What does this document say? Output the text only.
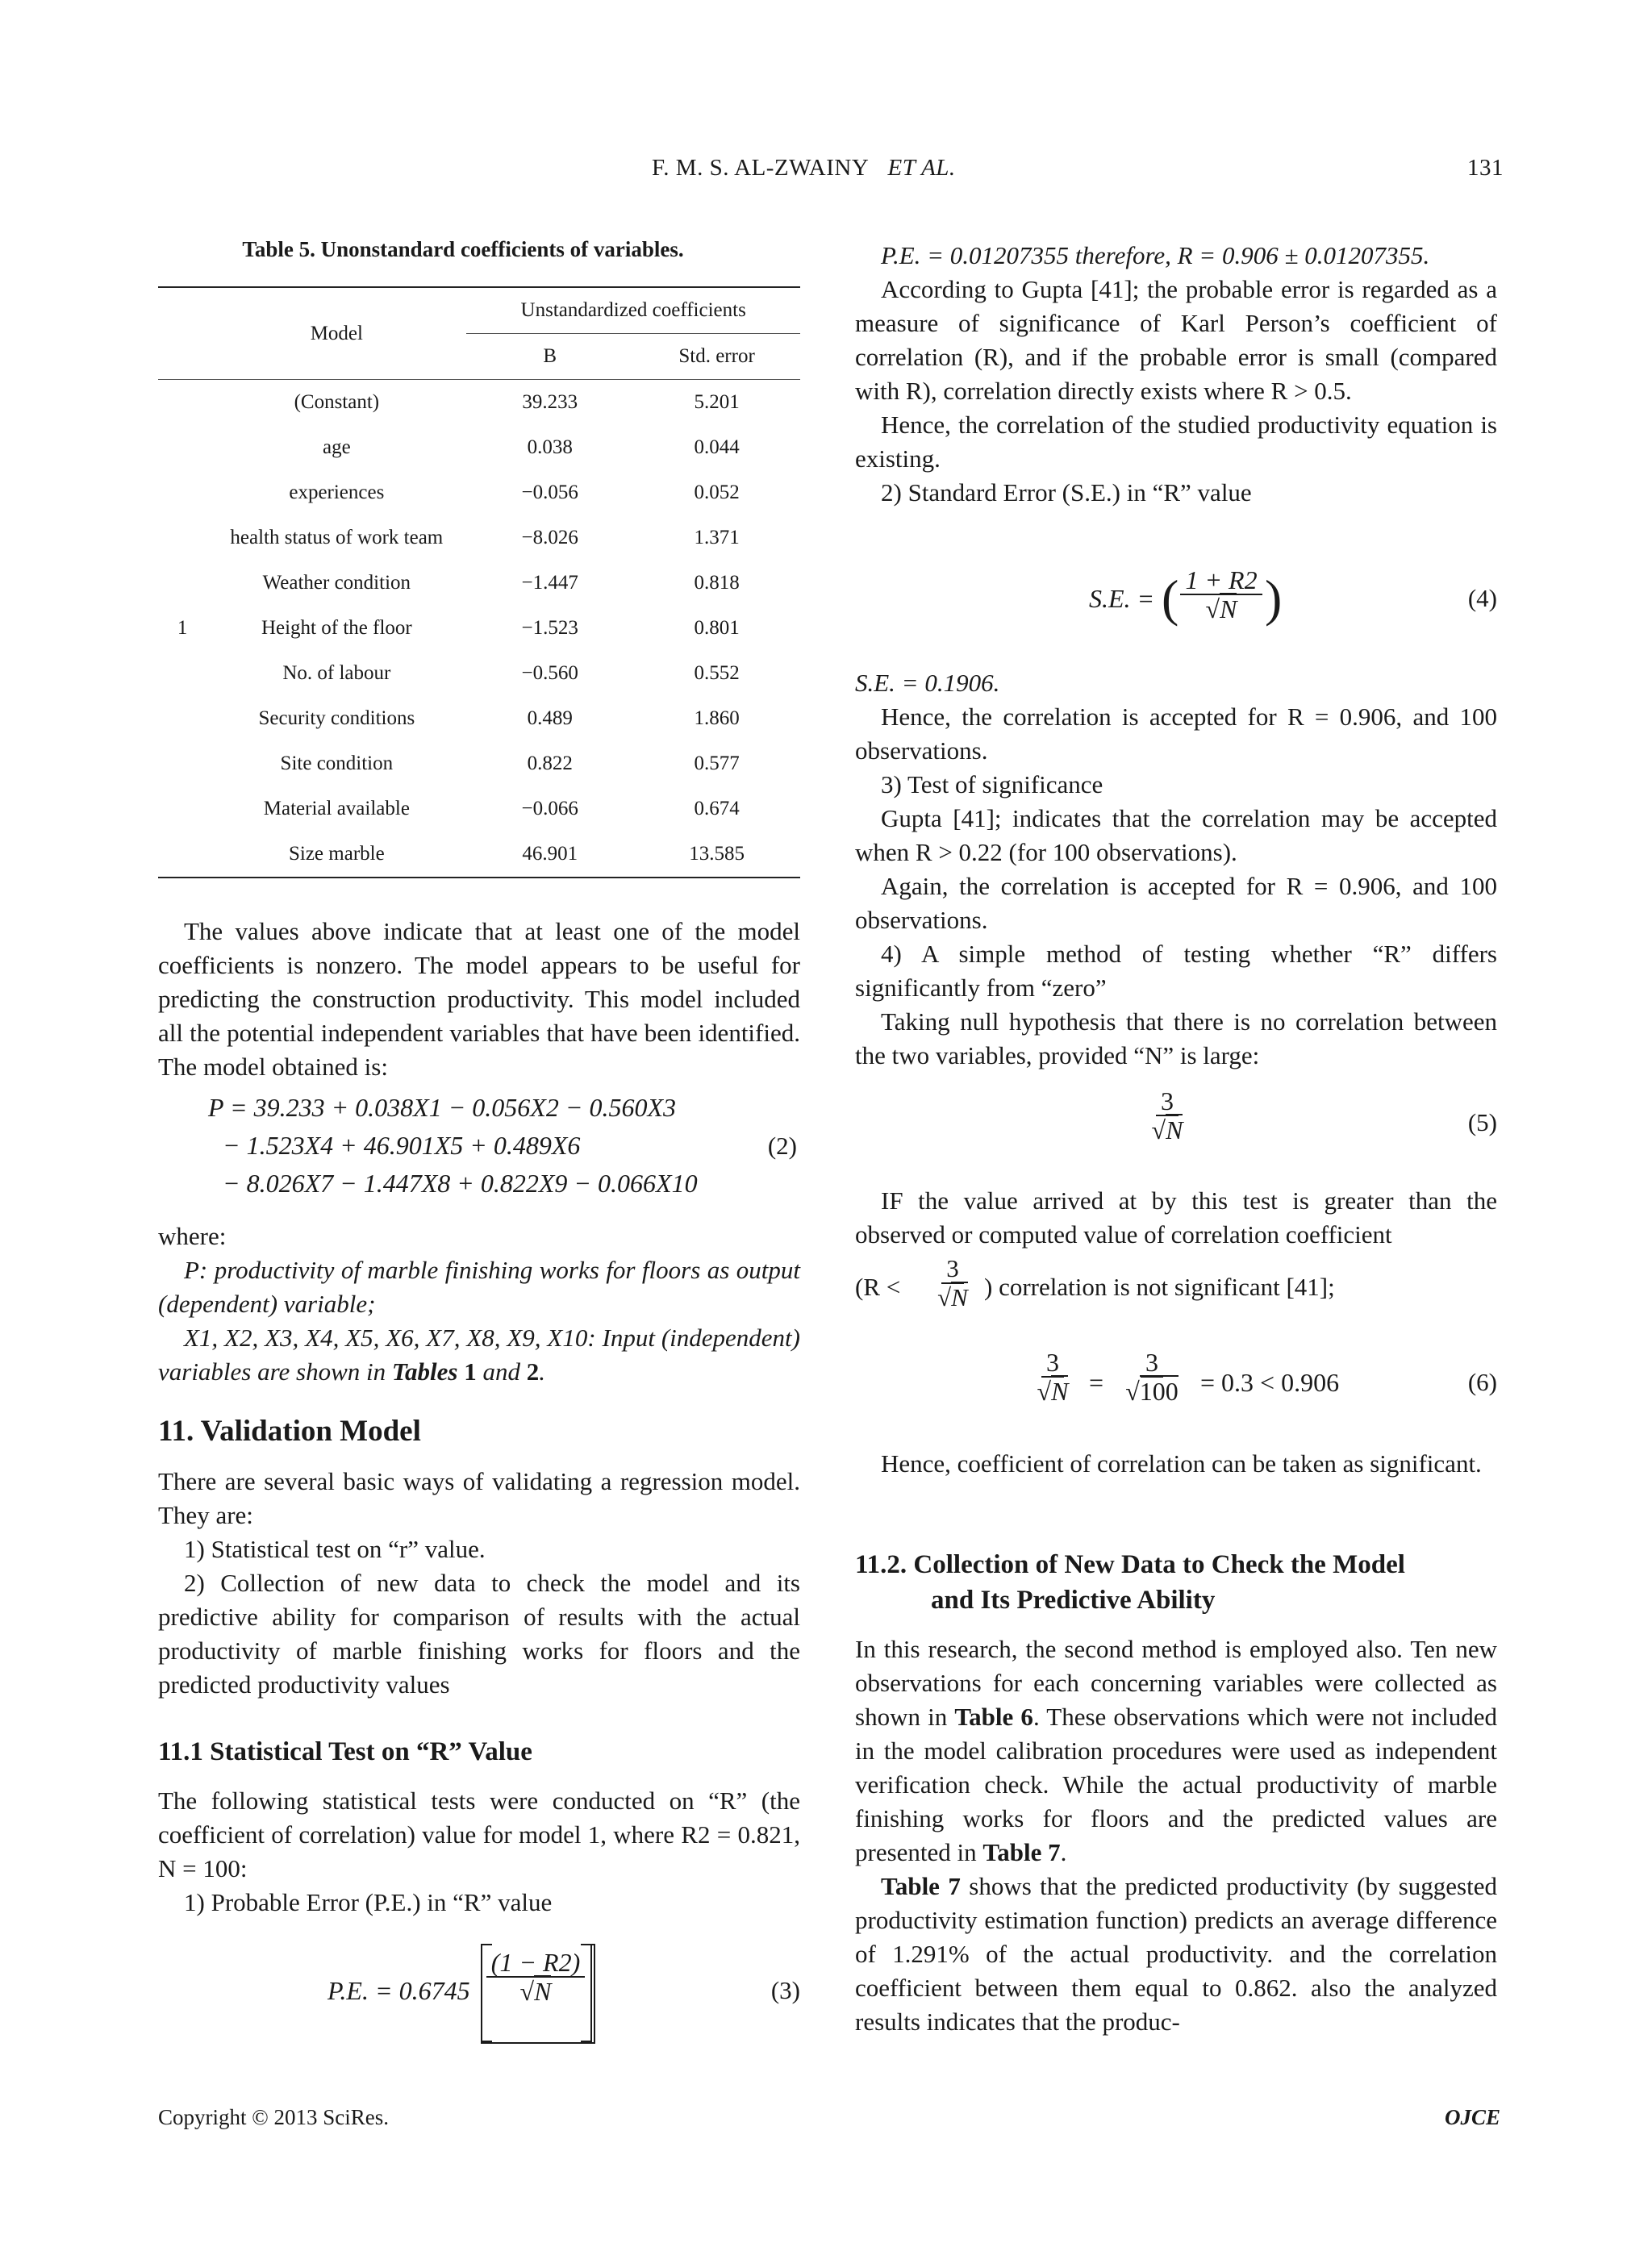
F. M. S. AL-ZWAINY ET AL.	131
Table 5. Unonstandard coefficients of variables.
	Model	Unstandardized coefficients	
		B	Std. error
	(Constant)	39.233	5.201
	age	0.038	0.044
	experiences	−0.056	0.052
	health status of work team	−8.026	1.371
	Weather condition	−1.447	0.818
1	Height of the floor	−1.523	0.801
	No. of labour	−0.560	0.552
	Security conditions	0.489	1.860
	Site condition	0.822	0.577
	Material available	−0.066	0.674
	Size marble	46.901	13.585

The values above indicate that at least one of the model coefficients is nonzero. The model appears to be useful for predicting the construction productivity. This model included all the potential independent variables that have been identified. The model obtained is:

P = 39.233 + 0.038X1 − 0.056X2 − 0.560X3
− 1.523X4 + 46.901X5 + 0.489X6
− 8.026X7 − 1.447X8 + 0.822X9 − 0.066X10
(2)

where:

P: productivity of marble finishing works for floors as output (dependent) variable;

X1, X2, X3, X4, X5, X6, X7, X8, X9, X10: Input (independent) variables are shown in Tables 1 and 2.

11. Validation Model

There are several basic ways of validating a regression model. They are:

1) Statistical test on “r” value.

2) Collection of new data to check the model and its predictive ability for comparison of results with the actual productivity of marble finishing works for floors and the predicted productivity values

11.1 Statistical Test on “R” Value

The following statistical tests were conducted on “R” (the coefficient of correlation) value for model 1, where R2 = 0.821, N = 100:

1) Probable Error (P.E.) in “R” value

P.E. = $0.6745 \frac{(1 - R2)}{√N}$	(3)

P.E. = 0.01207355 therefore, R = 0.906 ± 0.01207355.

According to Gupta [41]; the probable error is regarded as a measure of significance of Karl Person’s coefficient of correlation (R), and if the probable error is small (compared with R), correlation directly exists where R > 0.5.

Hence, the correlation of the studied productivity equation is existing.

2) Standard Error (S.E.) in “R” value

S.E. = ( $\frac{1 + R2}{√N}$ )	(4)

S.E. = 0.1906.

Hence, the correlation is accepted for R = 0.906, and 100 observations.

3) Test of significance

Gupta [41]; indicates that the correlation may be accepted when R > 0.22 (for 100 observations).

Again, the correlation is accepted for R = 0.906, and 100 observations.

4) A simple method of testing whether “R” differs significantly from “zero”

Taking null hypothesis that there is no correlation between the two variables, provided “N” is large:

$\frac{3}{√N}$	(5)

IF the value arrived at by this test is greater than the observed or computed value of correlation coefficient

($R < \frac{3}{√N}$ ) correlation is not significant [41];
$\frac{3}{√N} = \frac{3}{√100} = 0.3 < 0.906$	(6)

Hence, coefficient of correlation can be taken as significant.

11.2. Collection of New Data to Check the Model
and Its Predictive Ability

In this research, the second method is employed also. Ten new observations for each concerning variables were collected as shown in Table 6. These observations which were not included in the model calibration procedures were used as independent verification check. While the actual productivity of marble finishing works for floors and the predicted values are presented in Table 7.

Table 7 shows that the predicted productivity (by suggested productivity estimation function) predicts an average difference of 1.291% of the actual productivity. and the correlation coefficient between them equal to 0.862. also the analyzed results indicates that the produc-

Copyright © 2013 SciRes.	OJCE
